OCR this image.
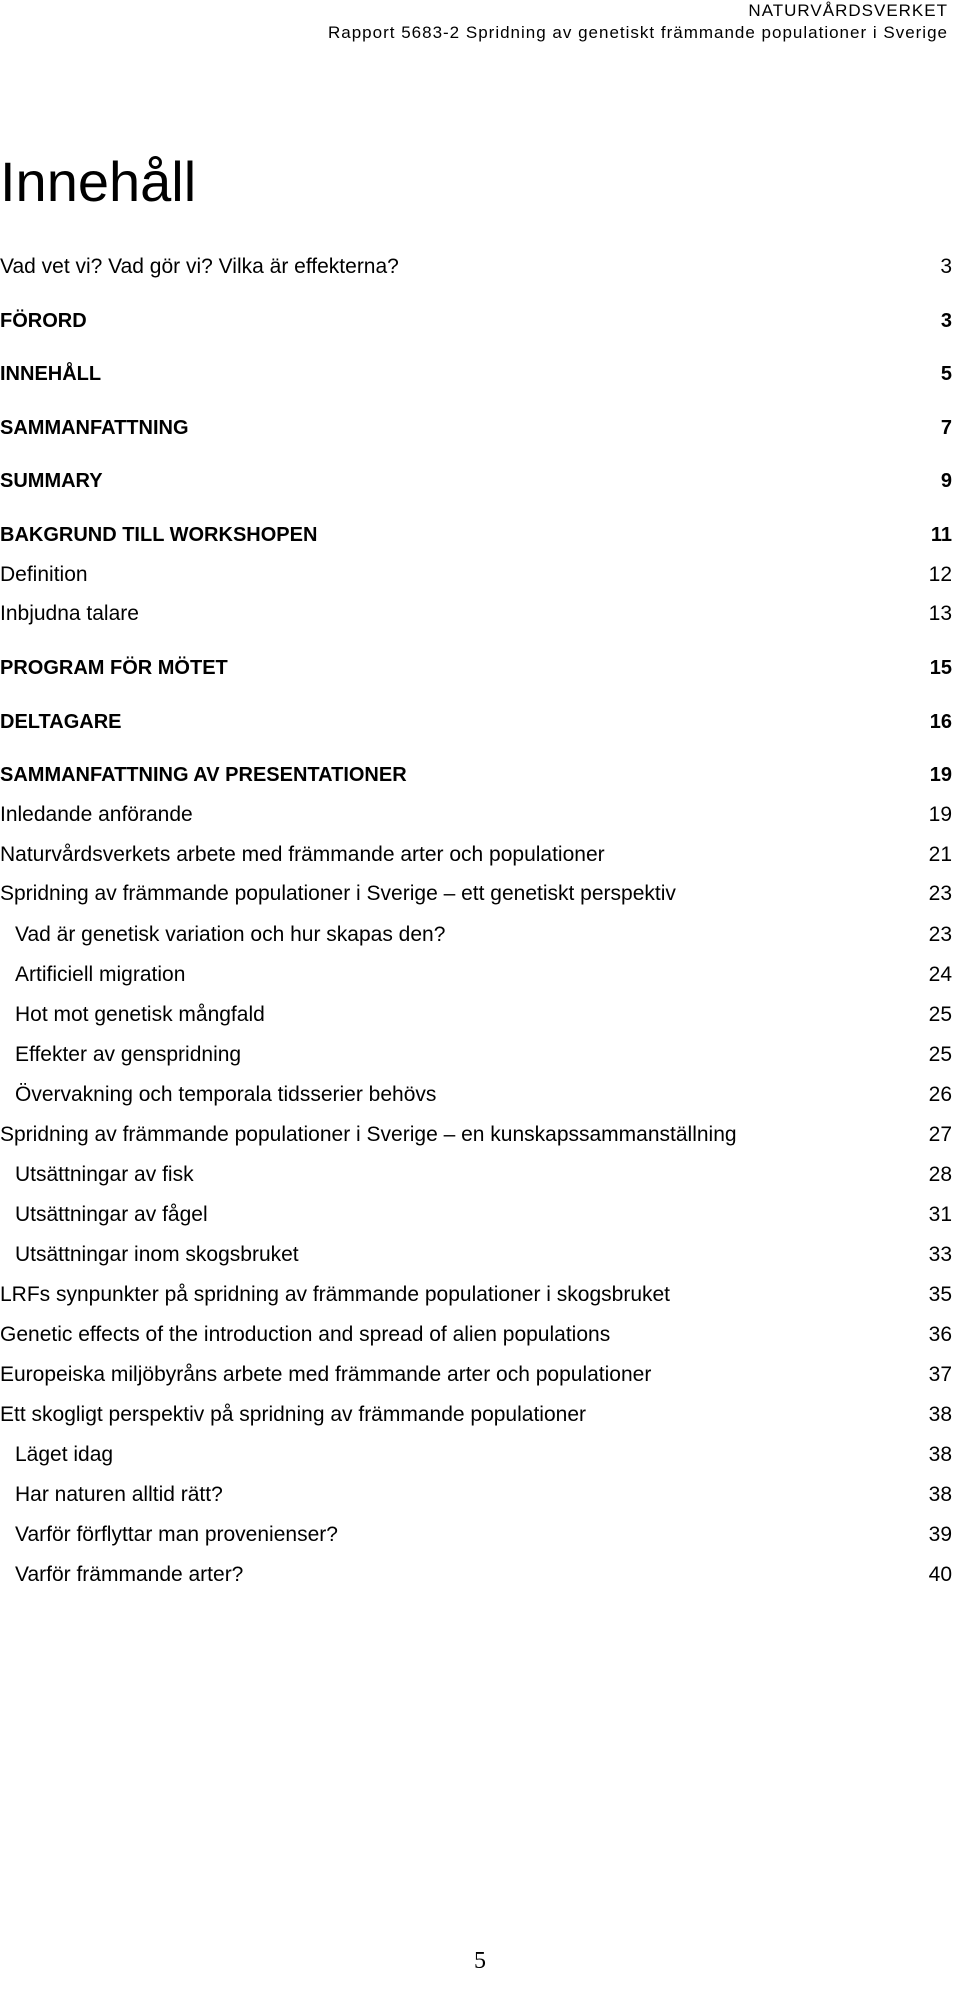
NATURVÅRDSVERKET
Rapport 5683-2 Spridning av genetiskt främmande populationer i Sverige
Innehåll
Vad vet vi? Vad gör vi? Vilka är effekterna?	3
FÖRORD	3
INNEHÅLL	5
SAMMANFATTNING	7
SUMMARY	9
BAKGRUND TILL WORKSHOPEN	11
Definition	12
Inbjudna talare	13
PROGRAM FÖR MÖTET	15
DELTAGARE	16
SAMMANFATTNING AV PRESENTATIONER	19
Inledande anförande	19
Naturvårdsverkets arbete med främmande arter och populationer	21
Spridning av främmande populationer i Sverige – ett genetiskt perspektiv	23
Vad är genetisk variation och hur skapas den?	23
Artificiell migration	24
Hot mot genetisk mångfald	25
Effekter av genspridning	25
Övervakning och temporala tidsserier behövs	26
Spridning av främmande populationer i Sverige – en kunskapssammanställning	27
Utsättningar av fisk	28
Utsättningar av fågel	31
Utsättningar inom skogsbruket	33
LRFs synpunkter på spridning av främmande populationer i skogsbruket	35
Genetic effects of the introduction and spread of alien populations	36
Europeiska miljöbyråns arbete med främmande arter och populationer	37
Ett skogligt perspektiv på spridning av främmande populationer	38
Läget idag	38
Har naturen alltid rätt?	38
Varför förflyttar man provenienser?	39
Varför främmande arter?	40
5
